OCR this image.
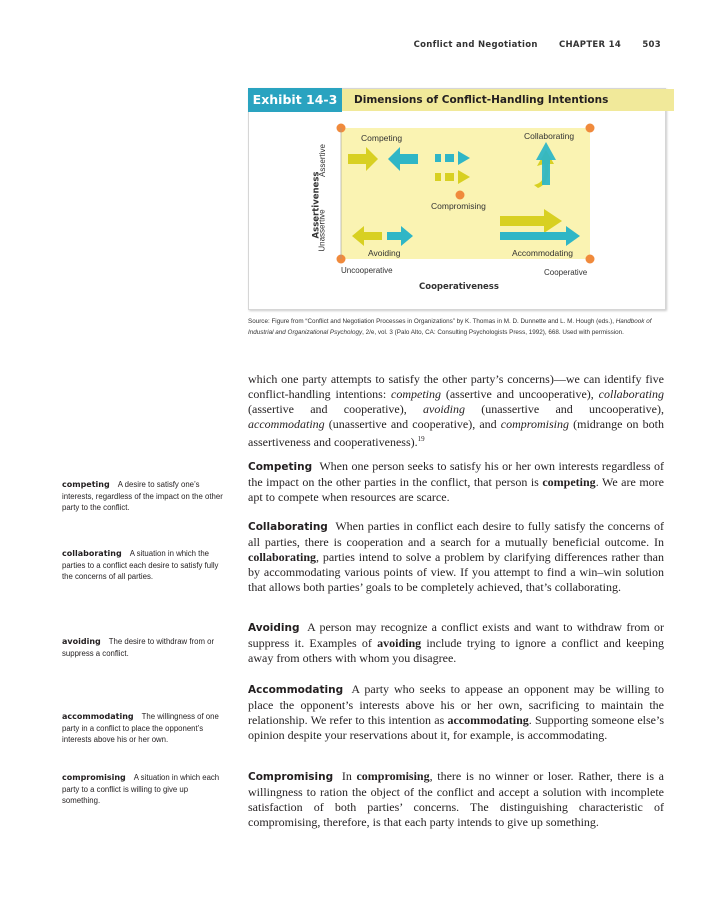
Conflict and Negotiation	CHAPTER 14	503
Exhibit 14-3	Dimensions of Conflict-Handling Intentions
Competing	Collaborating
Compromising
Avoiding	Accommodating
Uncooperative	Cooperative
Cooperativeness
Assertive
Unassertive
Assertiveness
Source: Figure from “Conflict and Negotiation Processes in Organizations” by K. Thomas in M. D. Dunnette and L. M. Hough (eds.), Handbook of Industrial and Organizational Psychology, 2/e, vol. 3 (Palo Alto, CA: Consulting Psychologists Press, 1992), 668. Used with permission.
which one party attempts to satisfy the other party’s concerns)—we can identify five conflict-handling intentions: competing (assertive and uncooperative), collaborating (assertive and cooperative), avoiding (unassertive and uncooperative), accommodating (unassertive and cooperative), and compromising (midrange on both assertiveness and cooperativeness).$^{19}$
Competing When one person seeks to satisfy his or her own interests regardless of the impact on the other parties in the conflict, that person is competing. We are more apt to compete when resources are scarce.
competing A desire to satisfy one’s interests, regardless of the impact on the other party to the conflict.
Collaborating When parties in conflict each desire to fully satisfy the concerns of all parties, there is cooperation and a search for a mutually beneficial outcome. In collaborating, parties intend to solve a problem by clarifying differences rather than by accommodating various points of view. If you attempt to find a win–win solution that allows both parties’ goals to be completely achieved, that’s collaborating.
collaborating A situation in which the parties to a conflict each desire to satisfy fully the concerns of all parties.
Avoiding A person may recognize a conflict exists and want to withdraw from or suppress it. Examples of avoiding include trying to ignore a conflict and keeping away from others with whom you disagree.
avoiding The desire to withdraw from or suppress a conflict.
Accommodating A party who seeks to appease an opponent may be willing to place the opponent’s interests above his or her own, sacrificing to maintain the relationship. We refer to this intention as accommodating. Supporting someone else’s opinion despite your reservations about it, for example, is accommodating.
accommodating The willingness of one party in a conflict to place the opponent’s interests above his or her own.
Compromising In compromising, there is no winner or loser. Rather, there is a willingness to ration the object of the conflict and accept a solution with incomplete satisfaction of both parties’ concerns. The distinguishing characteristic of compromising, therefore, is that each party intends to give up something.
compromising A situation in which each party to a conflict is willing to give up something.
